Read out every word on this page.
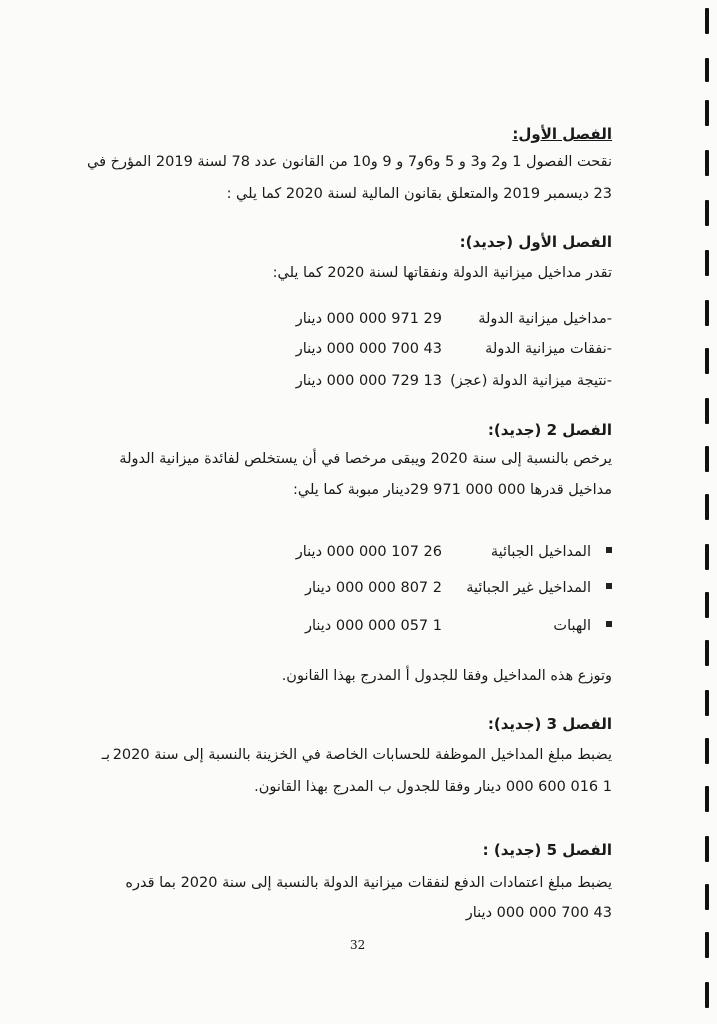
الفصل الأول:
نقحت الفصول 1 و2 و3 و 5 و6و7 و 9 و10 من القانون عدد 78 لسنة 2019 المؤرخ في
23 ديسمبر 2019 والمتعلق بقانون المالية لسنة 2020 كما يلي :
الفصل الأول (جديد):
تقدر مداخيل ميزانية الدولة ونفقاتها لسنة 2020 كما يلي:
-مداخيل ميزانية الدولة
29 971 000 000 دينار
-نفقات ميزانية الدولة
43 700 000 000 دينار
-نتيجة ميزانية الدولة (عجز)
13 729 000 000 دينار
الفصل 2 (جديد):
يرخص بالنسبة إلى سنة 2020 ويبقى مرخصا في أن يستخلص لفائدة ميزانية الدولة
مداخيل قدرها 000 000 971 29دينار مبوبة كما يلي:
المداخيل الجبائية
26 107 000 000 دينار
المداخيل غير الجبائية
2 807 000 000 دينار
الهبات
1 057 000 000 دينار
وتوزع هذه المداخيل وفقا للجدول أ المدرج بهذا القانون.
الفصل 3 (جديد):
يضبط مبلغ المداخيل الموظفة للحسابات الخاصة في الخزينة بالنسبة إلى سنة 2020
بـ
1 016 600 000 دينار وفقا للجدول ب المدرج بهذا القانون.
الفصل 5 (جديد) :
يضبط مبلغ اعتمادات الدفع لنفقات ميزانية الدولة بالنسبة إلى سنة 2020 بما قدره
43 700 000 000 دينار
32
